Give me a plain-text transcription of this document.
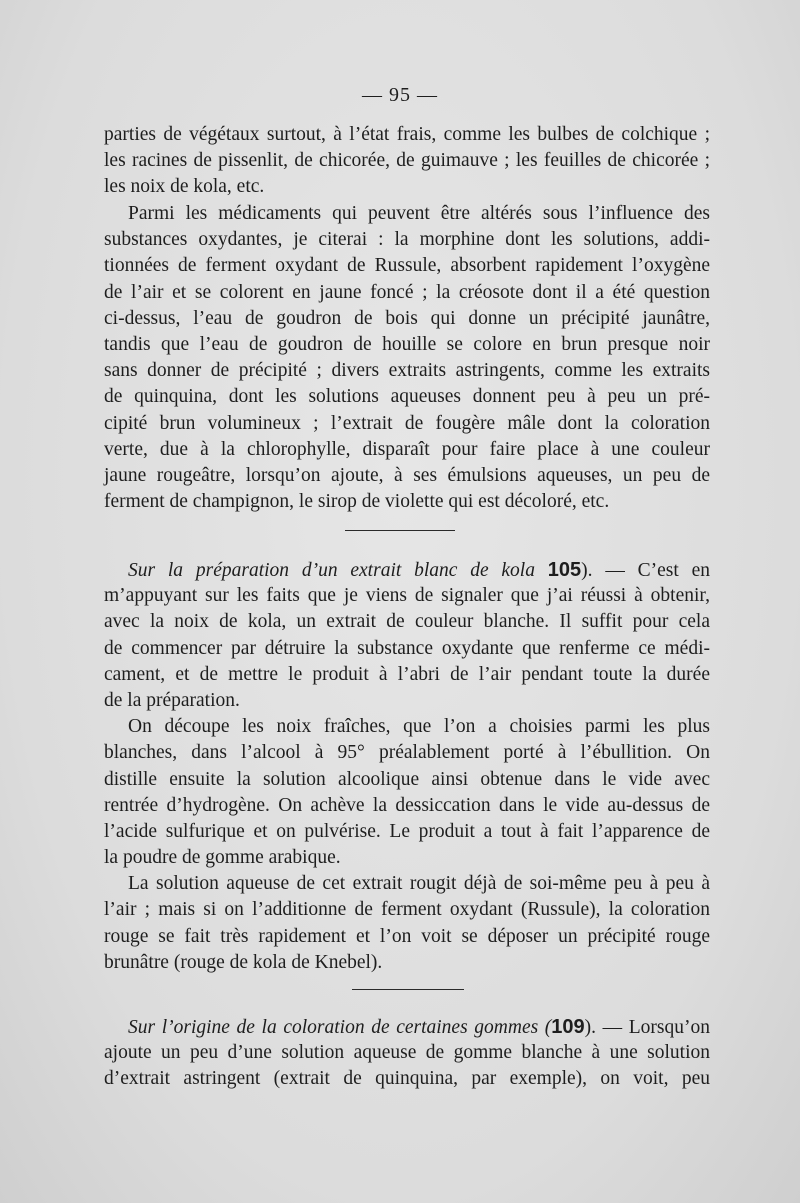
— 95 —
parties de végétaux surtout, à l’état frais, comme les bulbes de colchique ;
les racines de pissenlit, de chicorée, de guimauve ; les feuilles de chicorée ;
les noix de kola, etc.
Parmi les médicaments qui peuvent être altérés sous l’influence des
substances oxydantes, je citerai : la morphine dont les solutions, addi-
tionnées de ferment oxydant de Russule, absorbent rapidement l’oxygène
de l’air et se colorent en jaune foncé ; la créosote dont il a été question
ci-dessus, l’eau de goudron de bois qui donne un précipité jaunâtre,
tandis que l’eau de goudron de houille se colore en brun presque noir
sans donner de précipité ; divers extraits astringents, comme les extraits
de quinquina, dont les solutions aqueuses donnent peu à peu un pré-
cipité brun volumineux ; l’extrait de fougère mâle dont la coloration
verte, due à la chlorophylle, disparaît pour faire place à une couleur
jaune rougeâtre, lorsqu’on ajoute, à ses émulsions aqueuses, un peu de
ferment de champignon, le sirop de violette qui est décoloré, etc.
Sur la préparation d’un extrait blanc de kola 105). — C’est en
m’appuyant sur les faits que je viens de signaler que j’ai réussi à obtenir,
avec la noix de kola, un extrait de couleur blanche. Il suffit pour cela
de commencer par détruire la substance oxydante que renferme ce médi-
cament, et de mettre le produit à l’abri de l’air pendant toute la durée
de la préparation.
On découpe les noix fraîches, que l’on a choisies parmi les plus
blanches, dans l’alcool à 95° préalablement porté à l’ébullition. On
distille ensuite la solution alcoolique ainsi obtenue dans le vide avec
rentrée d’hydrogène. On achève la dessiccation dans le vide au-dessus de
l’acide sulfurique et on pulvérise. Le produit a tout à fait l’apparence de
la poudre de gomme arabique.
La solution aqueuse de cet extrait rougit déjà de soi-même peu à peu à
l’air ; mais si on l’additionne de ferment oxydant (Russule), la coloration
rouge se fait très rapidement et l’on voit se déposer un précipité rouge
brunâtre (rouge de kola de Knebel).
Sur l’origine de la coloration de certaines gommes (109). — Lorsqu’on
ajoute un peu d’une solution aqueuse de gomme blanche à une solution
d’extrait astringent (extrait de quinquina, par exemple), on voit, peu
